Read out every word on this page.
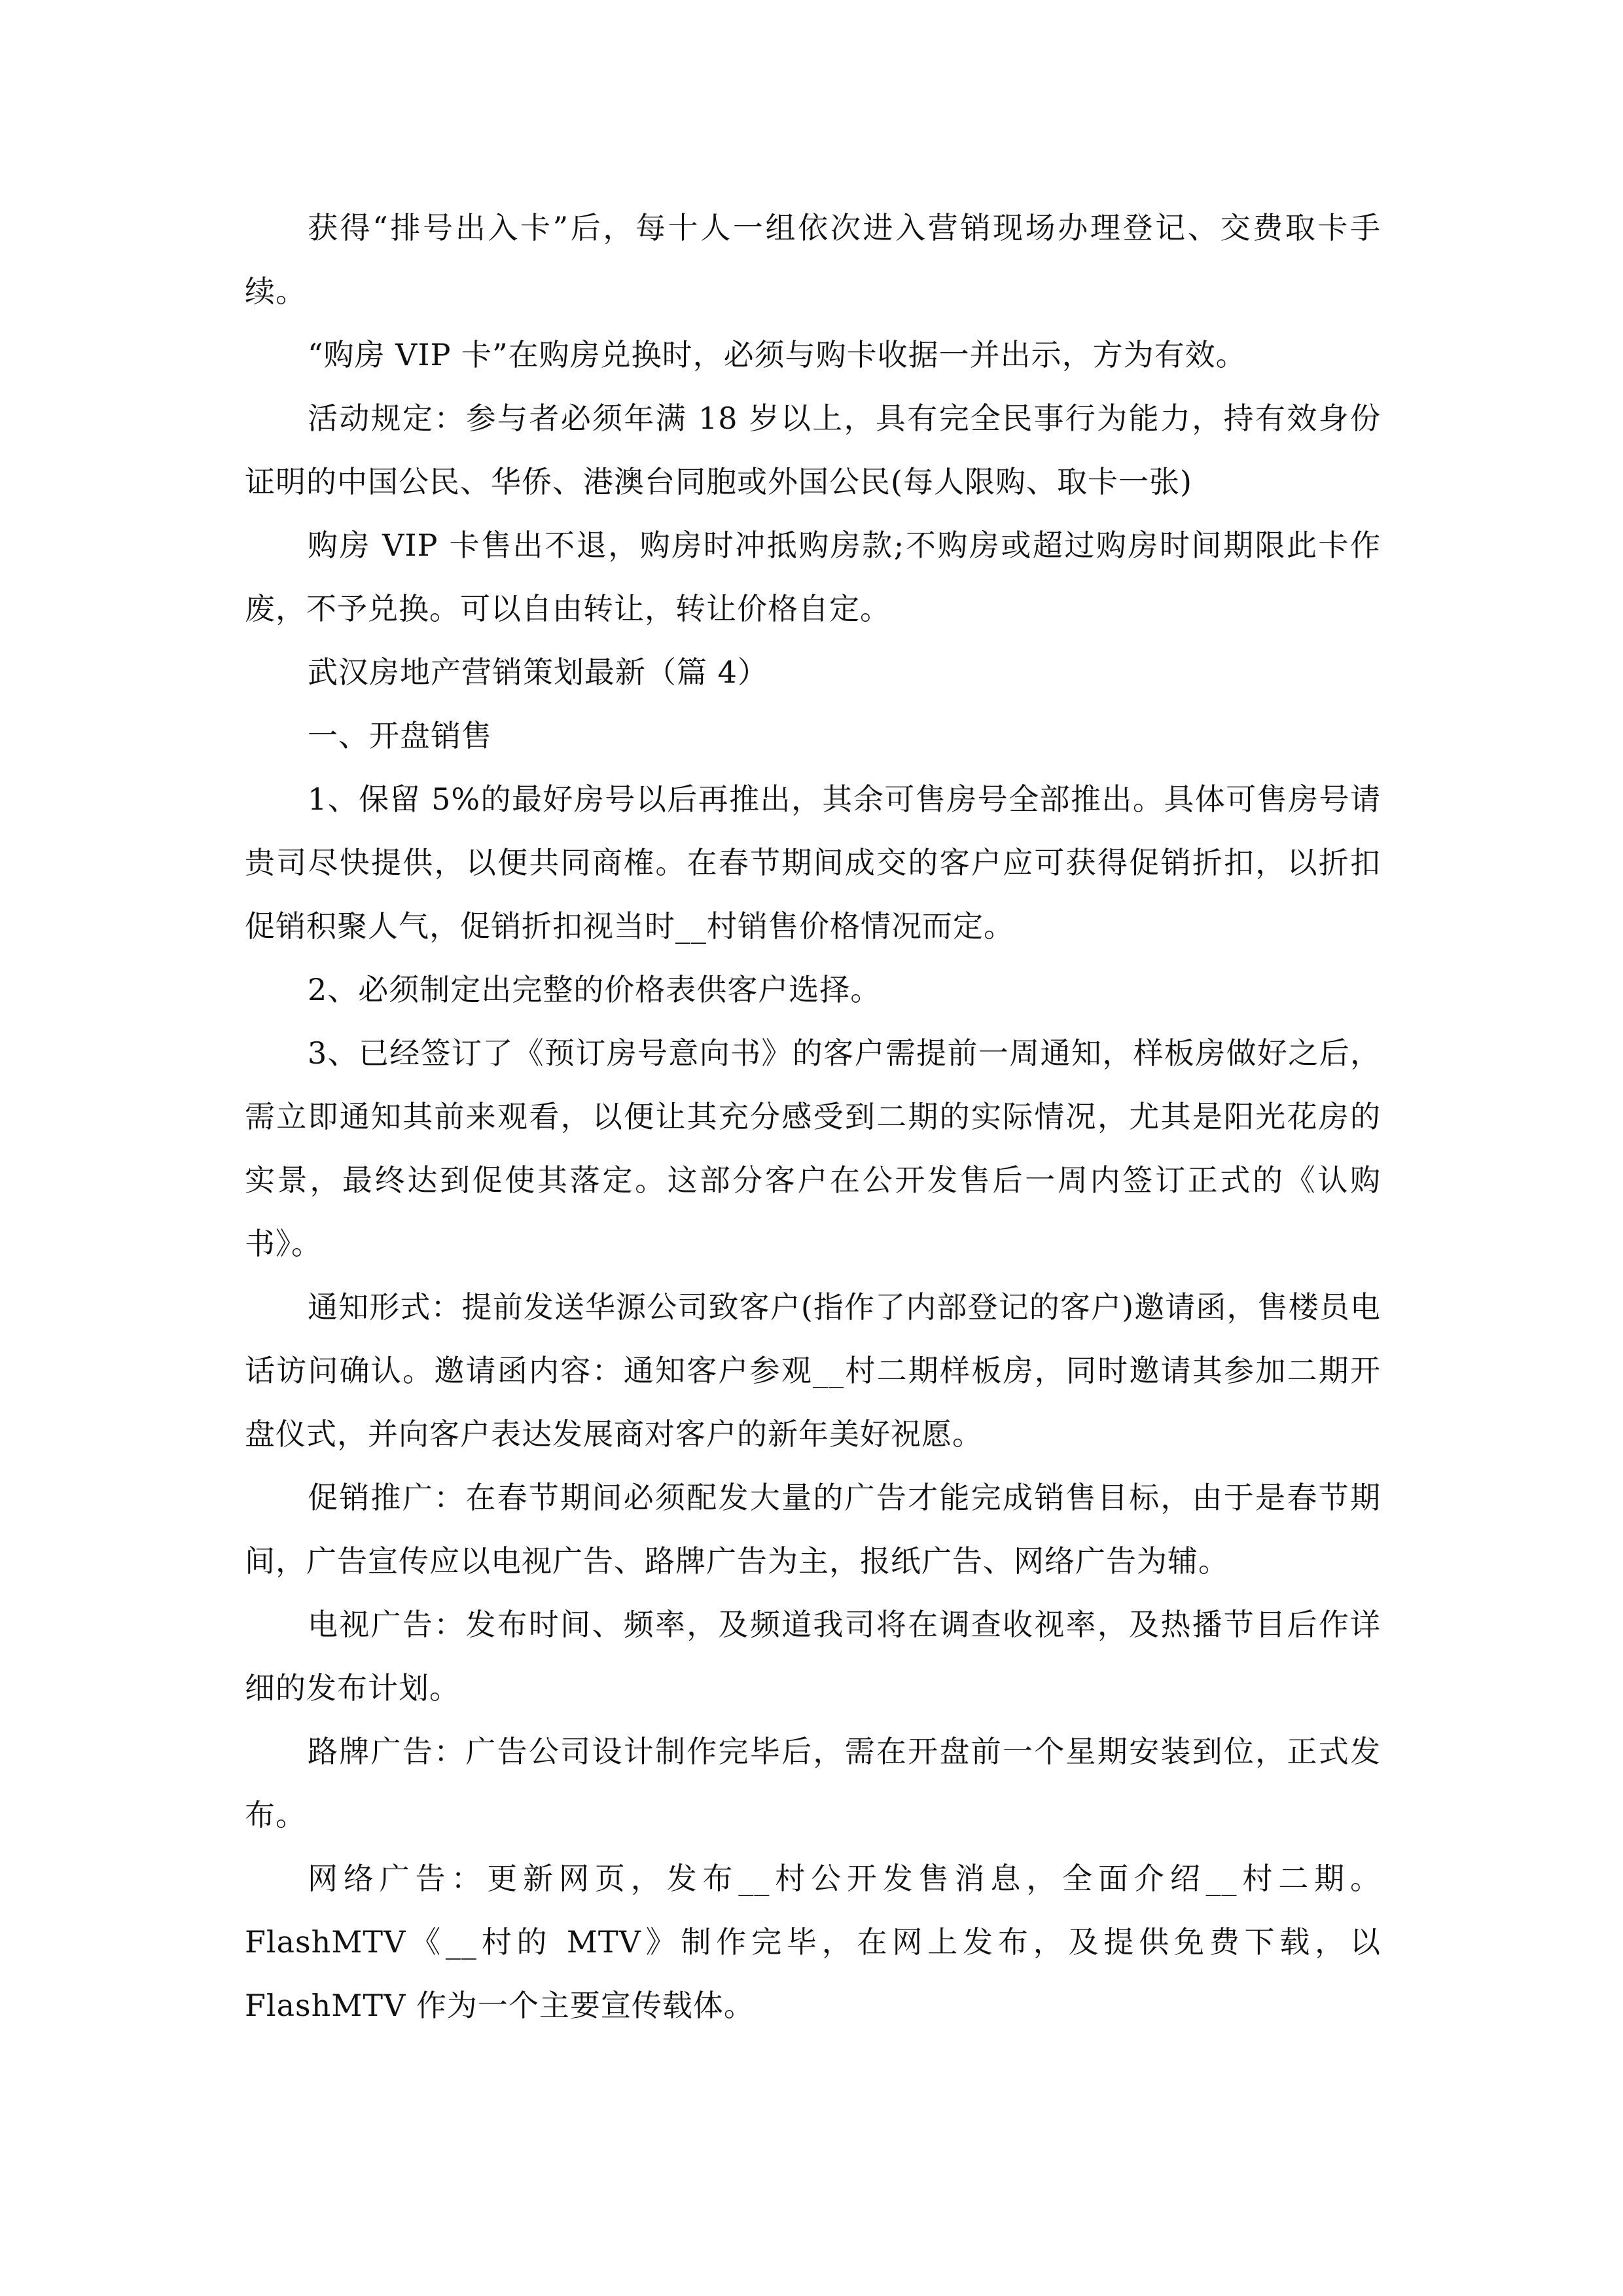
获得“排号出入卡”后，每十人一组依次进入营销现场办理登记、交费取卡手续。

“购房 VIP 卡”在购房兑换时，必须与购卡收据一并出示，方为有效。

活动规定：参与者必须年满 18 岁以上，具有完全民事行为能力，持有效身份证明的中国公民、华侨、港澳台同胞或外国公民(每人限购、取卡一张)

购房 VIP 卡售出不退，购房时冲抵购房款;不购房或超过购房时间期限此卡作废，不予兑换。可以自由转让，转让价格自定。

武汉房地产营销策划最新（篇 4）

一、开盘销售

1、保留 5%的最好房号以后再推出，其余可售房号全部推出。具体可售房号请贵司尽快提供，以便共同商榷。在春节期间成交的客户应可获得促销折扣，以折扣促销积聚人气，促销折扣视当时__村销售价格情况而定。

2、必须制定出完整的价格表供客户选择。

3、已经签订了《预订房号意向书》的客户需提前一周通知，样板房做好之后，需立即通知其前来观看，以便让其充分感受到二期的实际情况，尤其是阳光花房的实景，最终达到促使其落定。这部分客户在公开发售后一周内签订正式的《认购书》。

通知形式：提前发送华源公司致客户(指作了内部登记的客户)邀请函，售楼员电话访问确认。邀请函内容：通知客户参观__村二期样板房，同时邀请其参加二期开盘仪式，并向客户表达发展商对客户的新年美好祝愿。

促销推广：在春节期间必须配发大量的广告才能完成销售目标，由于是春节期间，广告宣传应以电视广告、路牌广告为主，报纸广告、网络广告为辅。

电视广告：发布时间、频率，及频道我司将在调查收视率，及热播节目后作详细的发布计划。

路牌广告：广告公司设计制作完毕后，需在开盘前一个星期安装到位，正式发布。

网络广告：更新网页，发布__村公开发售消息，全面介绍__村二期。FlashMTV《__村的 MTV》制作完毕，在网上发布，及提供免费下载，以 FlashMTV 作为一个主要宣传载体。
